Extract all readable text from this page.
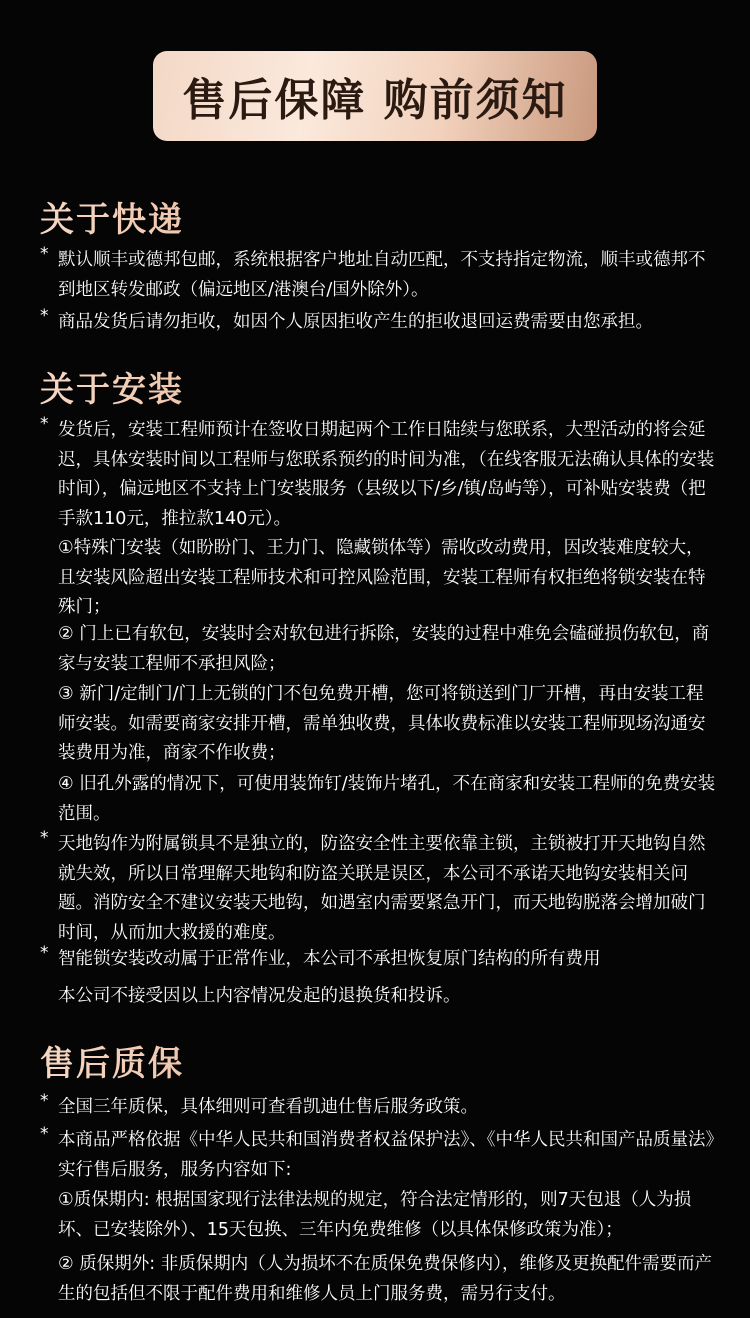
售后保障 购前须知
关于快递
* 默认顺丰或德邦包邮，系统根据客户地址自动匹配，不支持指定物流，顺丰或德邦不到地区转发邮政（偏远地区/港澳台/国外除外）。
* 商品发货后请勿拒收，如因个人原因拒收产生的拒收退回运费需要由您承担。
关于安装
* 发货后，安装工程师预计在签收日期起两个工作日陆续与您联系，大型活动的将会延迟，具体安装时间以工程师与您联系预约的时间为准，（在线客服无法确认具体的安装时间），偏远地区不支持上门安装服务（县级以下/乡/镇/岛屿等），可补贴安装费（把手款110元，推拉款140元）。
①特殊门安装（如盼盼门、王力门、隐藏锁体等）需收改动费用，因改装难度较大，且安装风险超出安装工程师技术和可控风险范围，安装工程师有权拒绝将锁安装在特殊门；
② 门上已有软包，安装时会对软包进行拆除，安装的过程中难免会磕碰损伤软包，商家与安装工程师不承担风险；
③ 新门/定制门/门上无锁的门不包免费开槽，您可将锁送到门厂开槽，再由安装工程师安装。如需要商家安排开槽，需单独收费，具体收费标准以安装工程师现场沟通安装费用为准，商家不作收费；
④ 旧孔外露的情况下，可使用装饰钉/装饰片堵孔，不在商家和安装工程师的免费安装范围。
* 天地钩作为附属锁具不是独立的，防盗安全性主要依靠主锁，主锁被打开天地钩自然就失效，所以日常理解天地钩和防盗关联是误区，本公司不承诺天地钩安装相关问题。消防安全不建议安装天地钩，如遇室内需要紧急开门，而天地钩脱落会增加破门时间，从而加大救援的难度。
* 智能锁安装改动属于正常作业，本公司不承担恢复原门结构的所有费用
本公司不接受因以上内容情况发起的退换货和投诉。
售后质保
* 全国三年质保，具体细则可查看凯迪仕售后服务政策。
* 本商品严格依据《中华人民共和国消费者权益保护法》、《中华人民共和国产品质量法》实行售后服务，服务内容如下:
①质保期内: 根据国家现行法律法规的规定，符合法定情形的，则7天包退（人为损坏、已安装除外）、15天包换、三年内免费维修（以具体保修政策为准）；
② 质保期外: 非质保期内（人为损坏不在质保免费保修内），维修及更换配件需要而产生的包括但不限于配件费用和维修人员上门服务费，需另行支付。
